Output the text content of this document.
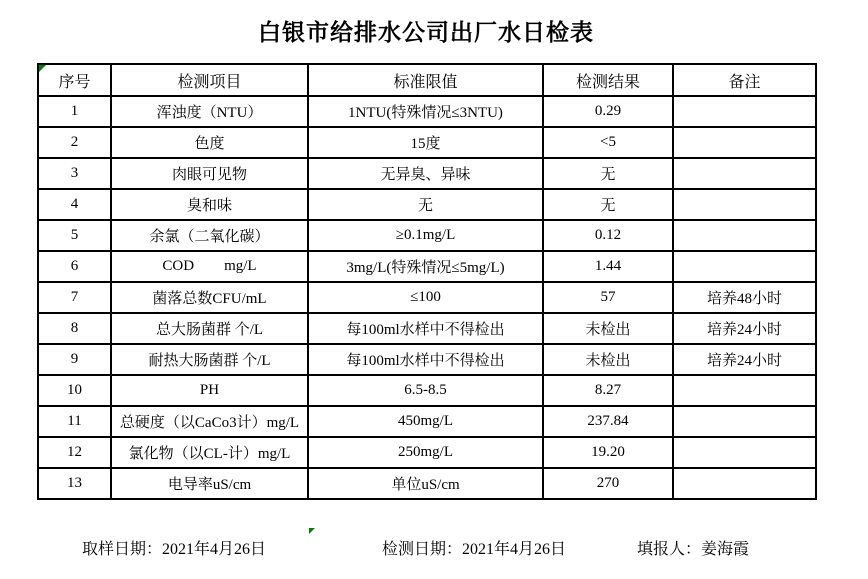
白银市给排水公司出厂水日检表
序号	检测项目	标准限值	检测结果	备注
1	浑浊度（NTU）	1NTU(特殊情况≤3NTU)	0.29	
2	色度	15度	<5	
3	肉眼可见物	无异臭、异味	无	
4	臭和味	无	无	
5	余氯（二氧化碳）	≥0.1mg/L	0.12	
6	COD        mg/L	3mg/L(特殊情况≤5mg/L)	1.44	
7	菌落总数CFU/mL	≤100	57	培养48小时
8	总大肠菌群 个/L	每100ml水样中不得检出	未检出	培养24小时
9	耐热大肠菌群 个/L	每100ml水样中不得检出	未检出	培养24小时
10	PH	6.5-8.5	8.27	
11	总硬度（以CaCo3计）mg/L	450mg/L	237.84	
12	氯化物（以CL-计）mg/L	250mg/L	19.20	
13	电导率uS/cm	单位uS/cm	270	
取样日期：2021年4月26日	检测日期：2021年4月26日	填报人：姜海霞
